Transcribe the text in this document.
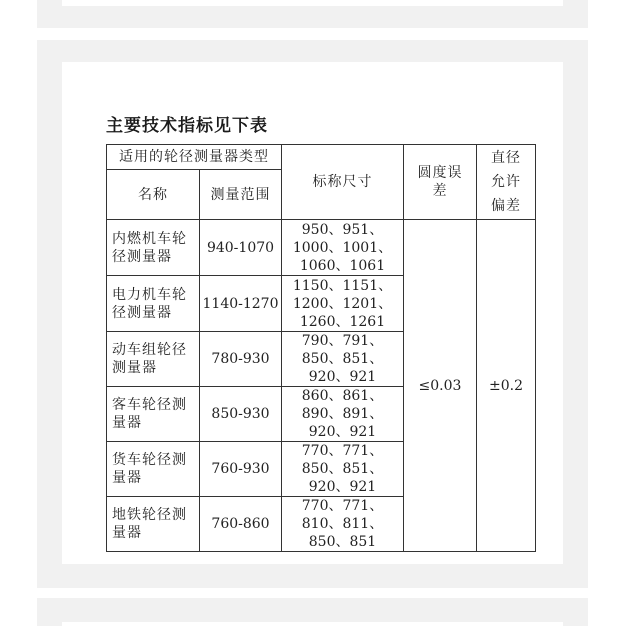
主要技术指标见下表
适用的轮径测量器类型		标称尺寸	圆度误差	直径允许偏差
名称	测量范围			
内燃机车轮径测量器	940-1070	950、951、1000、1001、1060、1061	≤0.03	±0.2
电力机车轮径测量器	1140-1270	1150、1151、1200、1201、1260、1261		
动车组轮径测量器	780-930	790、791、850、851、920、921		
客车轮径测量器	850-930	860、861、890、891、920、921		
货车轮径测量器	760-930	770、771、850、851、920、921		
地铁轮径测量器	760-860	770、771、810、811、850、851		
